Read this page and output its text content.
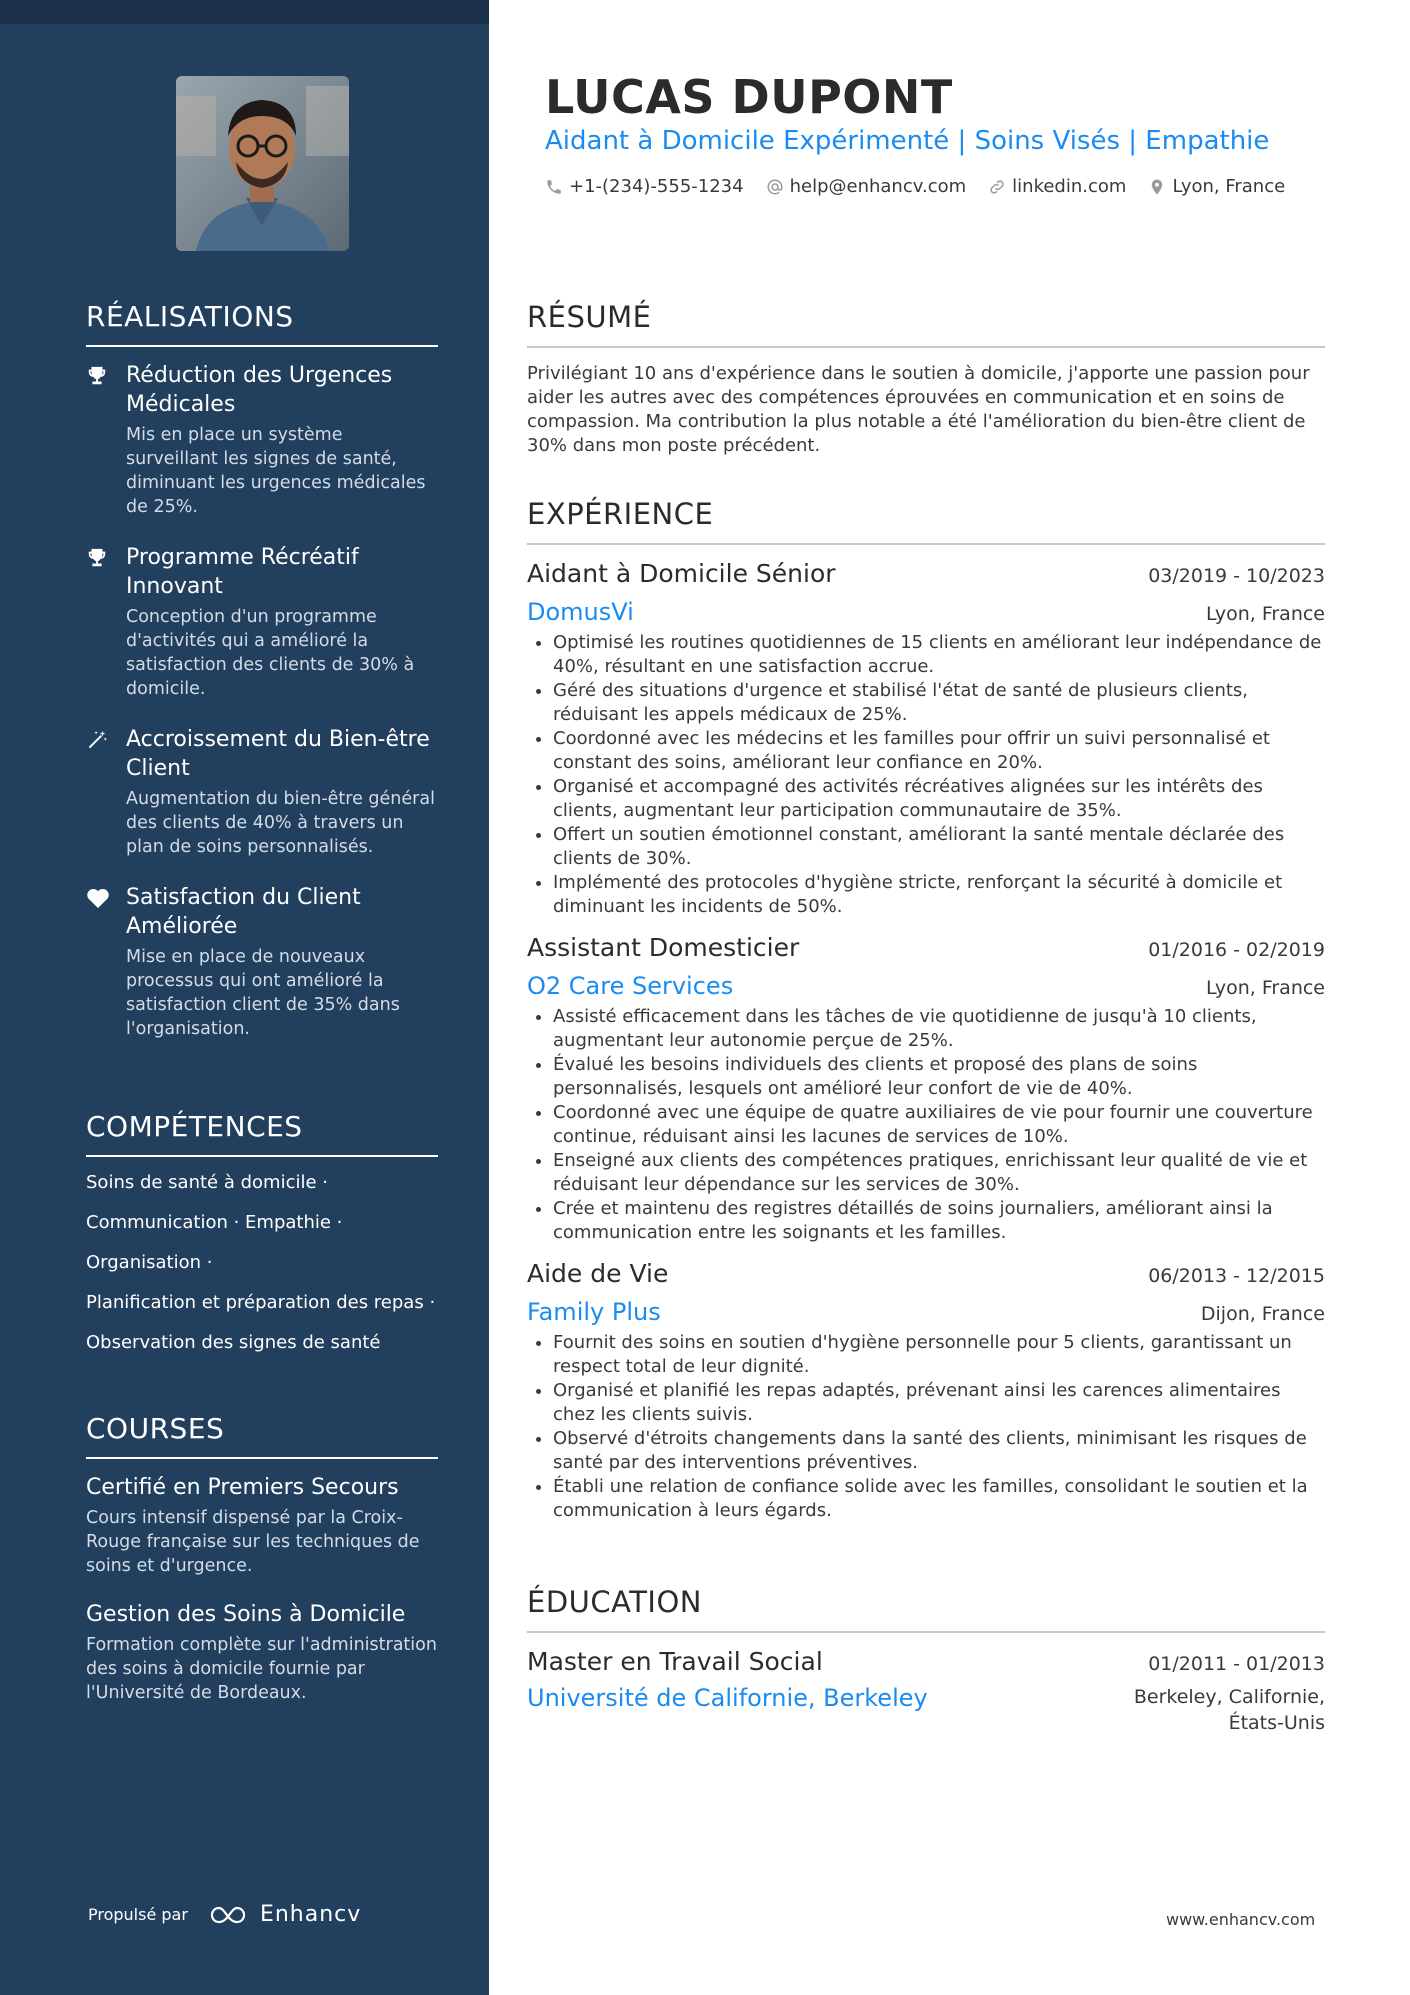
RÉALISATIONS
Réduction des Urgences Médicales
Mis en place un système surveillant les signes de santé, diminuant les urgences médicales de 25%.
Programme Récréatif Innovant
Conception d'un programme d'activités qui a amélioré la satisfaction des clients de 30% à domicile.
Accroissement du Bien-être Client
Augmentation du bien-être général des clients de 40% à travers un plan de soins personnalisés.
Satisfaction du Client Améliorée
Mise en place de nouveaux processus qui ont amélioré la satisfaction client de 35% dans l'organisation.
COMPÉTENCES
Soins de santé à domicile ·
Communication · Empathie ·
Organisation ·
Planification et préparation des repas ·
Observation des signes de santé
COURSES
Certifié en Premiers Secours
Cours intensif dispensé par la Croix-Rouge française sur les techniques de soins et d'urgence.
Gestion des Soins à Domicile
Formation complète sur l'administration des soins à domicile fournie par l'Université de Bordeaux.
Propulsé par	Enhancv
LUCAS DUPONT
Aidant à Domicile Expérimenté | Soins Visés | Empathie
+1-(234)-555-1234	help@enhancv.com	linkedin.com	Lyon, France
RÉSUMÉ
Privilégiant 10 ans d'expérience dans le soutien à domicile, j'apporte une passion pour aider les autres avec des compétences éprouvées en communication et en soins de compassion. Ma contribution la plus notable a été l'amélioration du bien-être client de 30% dans mon poste précédent.
EXPÉRIENCE
Aidant à Domicile Sénior	03/2019 - 10/2023
DomusVi	Lyon, France
• Optimisé les routines quotidiennes de 15 clients en améliorant leur indépendance de 40%, résultant en une satisfaction accrue.
• Géré des situations d'urgence et stabilisé l'état de santé de plusieurs clients, réduisant les appels médicaux de 25%.
• Coordonné avec les médecins et les familles pour offrir un suivi personnalisé et constant des soins, améliorant leur confiance en 20%.
• Organisé et accompagné des activités récréatives alignées sur les intérêts des clients, augmentant leur participation communautaire de 35%.
• Offert un soutien émotionnel constant, améliorant la santé mentale déclarée des clients de 30%.
• Implémenté des protocoles d'hygiène stricte, renforçant la sécurité à domicile et diminuant les incidents de 50%.
Assistant Domesticier	01/2016 - 02/2019
O2 Care Services	Lyon, France
• Assisté efficacement dans les tâches de vie quotidienne de jusqu'à 10 clients, augmentant leur autonomie perçue de 25%.
• Évalué les besoins individuels des clients et proposé des plans de soins personnalisés, lesquels ont amélioré leur confort de vie de 40%.
• Coordonné avec une équipe de quatre auxiliaires de vie pour fournir une couverture continue, réduisant ainsi les lacunes de services de 10%.
• Enseigné aux clients des compétences pratiques, enrichissant leur qualité de vie et réduisant leur dépendance sur les services de 30%.
• Crée et maintenu des registres détaillés de soins journaliers, améliorant ainsi la communication entre les soignants et les familles.
Aide de Vie	06/2013 - 12/2015
Family Plus	Dijon, France
• Fournit des soins en soutien d'hygiène personnelle pour 5 clients, garantissant un respect total de leur dignité.
• Organisé et planifié les repas adaptés, prévenant ainsi les carences alimentaires chez les clients suivis.
• Observé d'étroits changements dans la santé des clients, minimisant les risques de santé par des interventions préventives.
• Établi une relation de confiance solide avec les familles, consolidant le soutien et la communication à leurs égards.
ÉDUCATION
Master en Travail Social	01/2011 - 01/2013
Université de Californie, Berkeley	Berkeley, Californie,
États-Unis
www.enhancv.com
